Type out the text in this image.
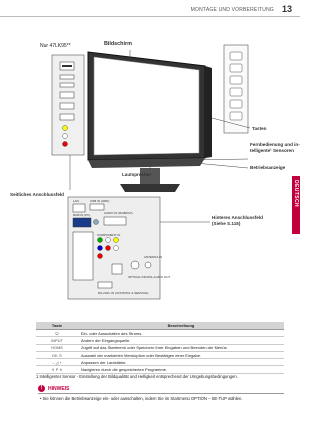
MONTAGE UND VORBEREITUNG 13
DEUTSCH
Nur 47LK95**
LAN	USB IN (HDD)
AUDIO IN (RGB/DVI)
RGB IN (PC)
COMPONENT IN
RS-232C IN (CONTROL & SERVICE)
OPTICAL DIGITAL AUDIO OUT
ANTENNA IN
Bildschirm
Tasten
Fernbedienung und in-telligente¹ Sensoren
Lautsprecher
Betriebsanzeige
Seitliches Anschlussfeld
Hinteres Anschlussfeld (Siehe S.115)
Taste	Beschreibung
⏻	Ein- oder Ausschalten des Stroms.
INPUT	Ändern der Eingangsquelle.
HOME	Zugriff auf das Startmenü oder Speichern Ihrer Eingaben und Beenden der Menüs.
OK ⊙	Auswahl der markierten Menüoption oder Bestätigen einer Eingabe.
– ◿ +	Anpassen der Lautstärke.
∨ P ∧	Navigieren durch die gespeicherten Programme.
1 Intelligenter Sensor - Einstellung der Bildqualität und Helligkeit entsprechend der Umgebungsbedingungen.
!	HINWEIS
• Sie können die Betriebsanzeige ein- oder ausschalten, indem Sie im Startmenü OPTION – SE-TUP wählen.
